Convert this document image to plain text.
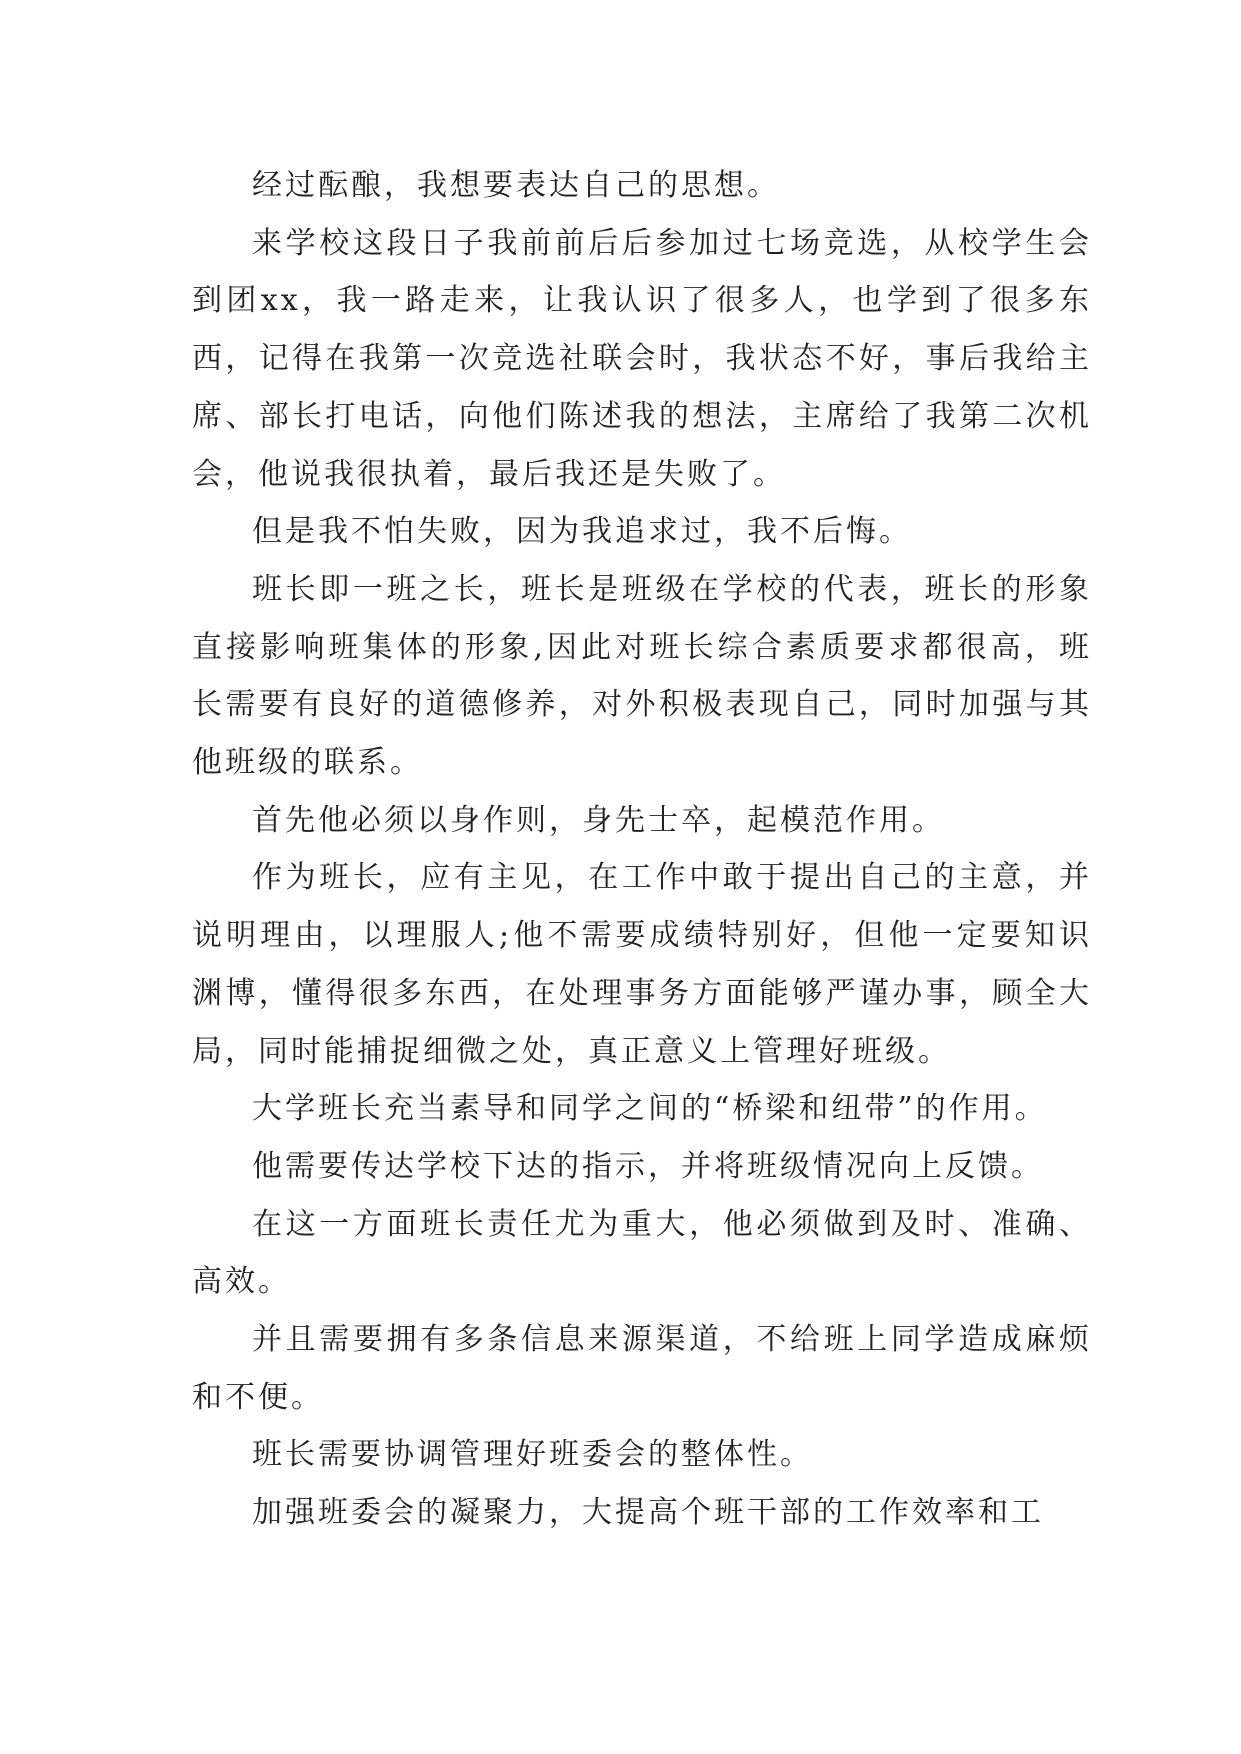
经过酝酿，我想要表达自己的思想。

来学校这段日子我前前后后参加过七场竞选，从校学生会到团xx，我一路走来，让我认识了很多人，也学到了很多东西，记得在我第一次竞选社联会时，我状态不好，事后我给主席、部长打电话，向他们陈述我的想法，主席给了我第二次机会，他说我很执着，最后我还是失败了。

但是我不怕失败，因为我追求过，我不后悔。

班长即一班之长，班长是班级在学校的代表，班长的形象直接影响班集体的形象,因此对班长综合素质要求都很高，班长需要有良好的道德修养，对外积极表现自己，同时加强与其他班级的联系。

首先他必须以身作则，身先士卒，起模范作用。

作为班长，应有主见，在工作中敢于提出自己的主意，并说明理由，以理服人;他不需要成绩特别好，但他一定要知识渊博，懂得很多东西，在处理事务方面能够严谨办事，顾全大局，同时能捕捉细微之处，真正意义上管理好班级。

大学班长充当素导和同学之间的“桥梁和纽带”的作用。

他需要传达学校下达的指示，并将班级情况向上反馈。

在这一方面班长责任尤为重大，他必须做到及时、准确、高效。

并且需要拥有多条信息来源渠道，不给班上同学造成麻烦和不便。

班长需要协调管理好班委会的整体性。

加强班委会的凝聚力，大提高个班干部的工作效率和工
